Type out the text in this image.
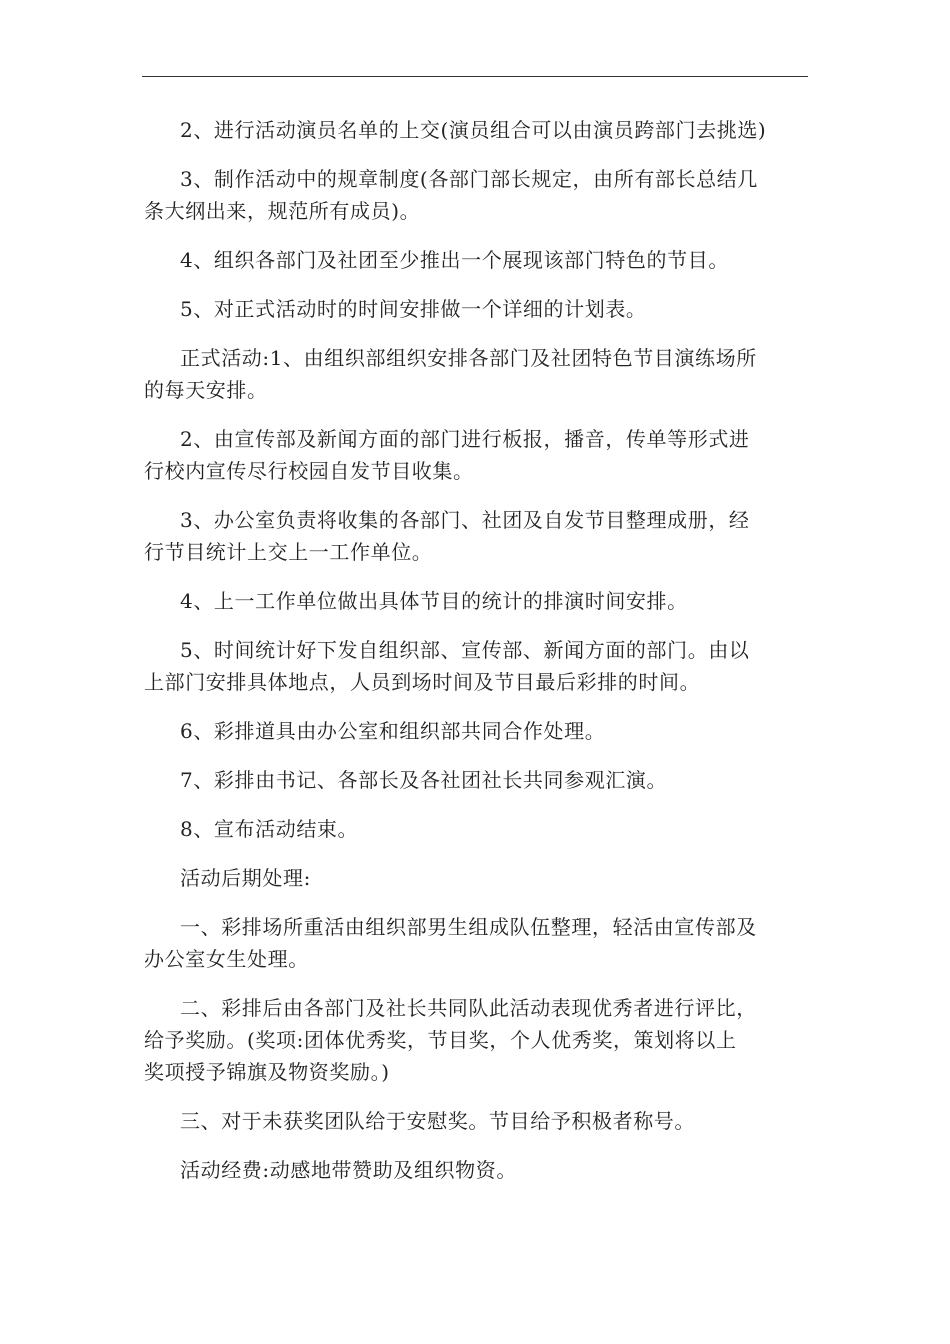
2、进行活动演员名单的上交(演员组合可以由演员跨部门去挑选)

3、制作活动中的规章制度(各部门部长规定，由所有部长总结几
条大纲出来，规范所有成员)。

4、组织各部门及社团至少推出一个展现该部门特色的节目。

5、对正式活动时的时间安排做一个详细的计划表。

正式活动:1、由组织部组织安排各部门及社团特色节目演练场所
的每天安排。

2、由宣传部及新闻方面的部门进行板报，播音，传单等形式进
行校内宣传尽行校园自发节目收集。

3、办公室负责将收集的各部门、社团及自发节目整理成册，经
行节目统计上交上一工作单位。

4、上一工作单位做出具体节目的统计的排演时间安排。

5、时间统计好下发自组织部、宣传部、新闻方面的部门。由以
上部门安排具体地点，人员到场时间及节目最后彩排的时间。

6、彩排道具由办公室和组织部共同合作处理。

7、彩排由书记、各部长及各社团社长共同参观汇演。

8、宣布活动结束。

活动后期处理:

一、彩排场所重活由组织部男生组成队伍整理，轻活由宣传部及
办公室女生处理。

二、彩排后由各部门及社长共同队此活动表现优秀者进行评比，
给予奖励。(奖项:团体优秀奖，节目奖，个人优秀奖，策划将以上
奖项授予锦旗及物资奖励。)

三、对于未获奖团队给于安慰奖。节目给予积极者称号。

活动经费:动感地带赞助及组织物资。
